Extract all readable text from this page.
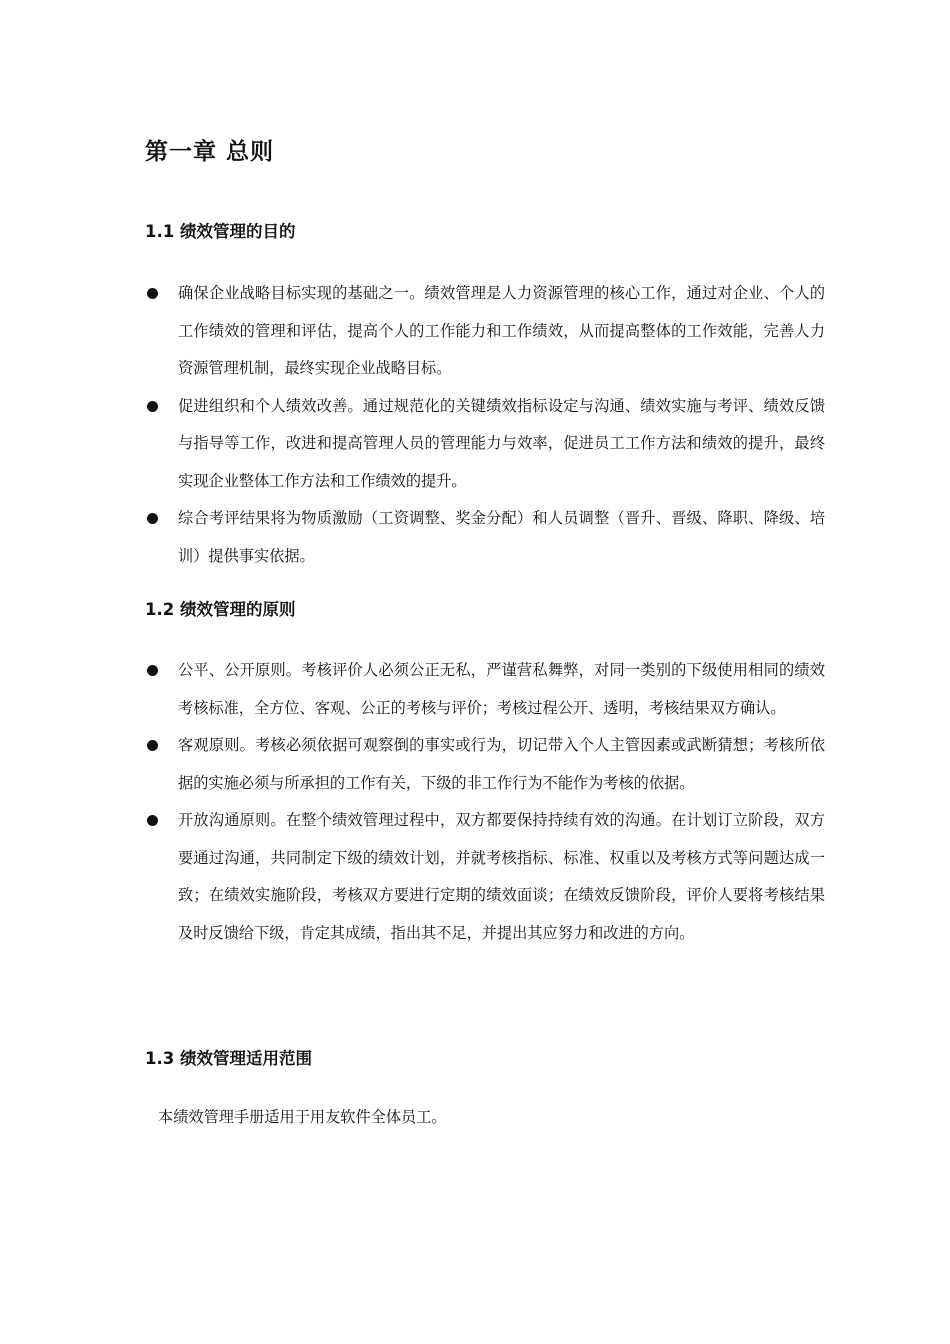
第一章 总则
1.1 绩效管理的目的
确保企业战略目标实现的基础之一。绩效管理是人力资源管理的核心工作，通过对企业、个人的工作绩效的管理和评估，提高个人的工作能力和工作绩效，从而提高整体的工作效能，完善人力资源管理机制，最终实现企业战略目标。
促进组织和个人绩效改善。通过规范化的关键绩效指标设定与沟通、绩效实施与考评、绩效反馈与指导等工作，改进和提高管理人员的管理能力与效率，促进员工工作方法和绩效的提升，最终实现企业整体工作方法和工作绩效的提升。
综合考评结果将为物质激励（工资调整、奖金分配）和人员调整（晋升、晋级、降职、降级、培训）提供事实依据。
1.2 绩效管理的原则
公平、公开原则。考核评价人必须公正无私，严谨营私舞弊，对同一类别的下级使用相同的绩效考核标准，全方位、客观、公正的考核与评价；考核过程公开、透明，考核结果双方确认。
客观原则。考核必须依据可观察倒的事实或行为，切记带入个人主管因素或武断猜想；考核所依据的实施必须与所承担的工作有关，下级的非工作行为不能作为考核的依据。
开放沟通原则。在整个绩效管理过程中，双方都要保持持续有效的沟通。在计划订立阶段，双方要通过沟通，共同制定下级的绩效计划，并就考核指标、标准、权重以及考核方式等问题达成一致；在绩效实施阶段，考核双方要进行定期的绩效面谈；在绩效反馈阶段，评价人要将考核结果及时反馈给下级，肯定其成绩，指出其不足，并提出其应努力和改进的方向。
1.3 绩效管理适用范围

本绩效管理手册适用于用友软件全体员工。
